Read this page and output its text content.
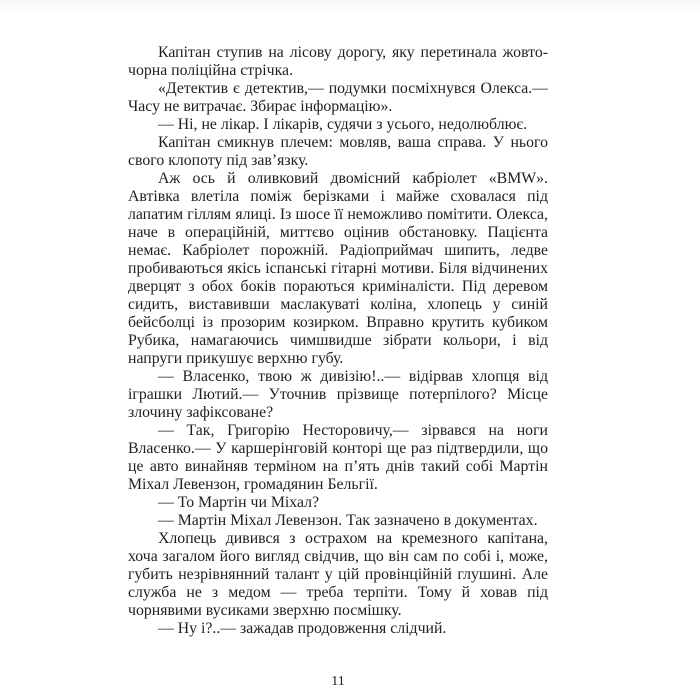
Капітан ступив на лісову дорогу, яку перетинала жовто-чорна поліційна стрічка.

«Детектив є детектив,— подумки посміхнувся Олекса.— Часу не витрачає. Збирає інформацію».

— Ні, не лікар. І лікарів, судячи з усього, недолюблює.

Капітан смикнув плечем: мовляв, ваша справа. У нього свого клопоту під зав’язку.

Аж ось й оливковий двомісний кабріолет «BMW». Автівка влетіла поміж берізками і майже сховалася під лапатим гіллям ялиці. Із шосе її неможливо помітити. Олекса, наче в операційній, миттєво оцінив обстановку. Пацієнта немає. Кабріолет порожній. Радіоприймач шипить, ледве пробиваються якісь іспанські гітарні мотиви. Біля відчинених дверцят з обох боків пораються криміналісти. Під деревом сидить, виставивши маслакуваті коліна, хлопець у синій бейсболці із прозорим козирком. Вправно крутить кубиком Рубика, намагаючись чимшвидше зібрати кольори, і від напруги прикушує верхню губу.

— Власенко, твою ж дивізію!..— відірвав хлопця від іграшки Лютий.— Уточнив прізвище потерпілого? Місце злочину зафіксоване?

— Так, Григорію Несторовичу,— зірвався на ноги Власенко.— У каршерінговій конторі ще раз підтвердили, що це авто винайняв терміном на п’ять днів такий собі Мартін Міхал Левензон, громадянин Бельгії.

— То Мартін чи Міхал?

— Мартін Міхал Левензон. Так зазначено в документах.

Хлопець дивився з острахом на кремезного капітана, хоча загалом його вигляд свідчив, що він сам по собі і, може, губить незрівнянний талант у цій провінційній глушині. Але служба не з медом — треба терпіти. Тому й ховав під чорнявими вусиками зверхню посмішку.

— Ну і?..— зажадав продовження слідчий.

11
